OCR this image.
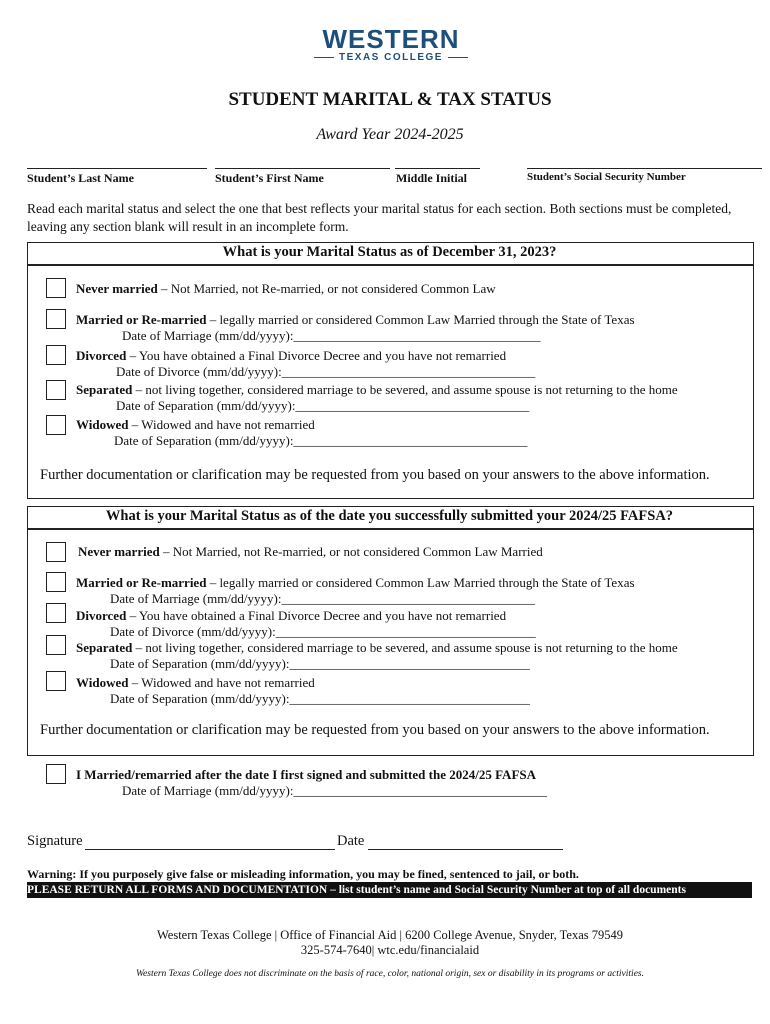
WESTERN
TEXAS COLLEGE
STUDENT MARITAL & TAX STATUS
Award Year 2024-2025
Student’s Last Name	Student’s First Name	Middle Initial	Student’s Social Security Number
Read each marital status and select the one that best reflects your marital status for each section. Both sections must be completed, leaving any section blank will result in an incomplete form.
What is your Marital Status as of December 31, 2023?
Never married – Not Married, not Re-married, or not considered Common Law
Married or Re-married – legally married or considered Common Law Married through the State of Texas
Date of Marriage (mm/dd/yyyy):______________________________________
Divorced – You have obtained a Final Divorce Decree and you have not remarried
Date of Divorce (mm/dd/yyyy):_______________________________________
Separated – not living together, considered marriage to be severed, and assume spouse is not returning to the home
Date of Separation (mm/dd/yyyy):____________________________________
Widowed – Widowed and have not remarried
Date of Separation (mm/dd/yyyy):____________________________________
Further documentation or clarification may be requested from you based on your answers to the above information.
What is your Marital Status as of the date you successfully submitted your 2024/25 FAFSA?
Never married – Not Married, not Re-married, or not considered Common Law Married
Married or Re-married – legally married or considered Common Law Married through the State of Texas
Date of Marriage (mm/dd/yyyy):_______________________________________
Divorced – You have obtained a Final Divorce Decree and you have not remarried
Date of Divorce (mm/dd/yyyy):________________________________________
Separated – not living together, considered marriage to be severed, and assume spouse is not returning to the home
Date of Separation (mm/dd/yyyy):_____________________________________
Widowed – Widowed and have not remarried
Date of Separation (mm/dd/yyyy):_____________________________________
Further documentation or clarification may be requested from you based on your answers to the above information.
I Married/remarried after the date I first signed and submitted the 2024/25 FAFSA
Date of Marriage (mm/dd/yyyy):_______________________________________
Signature	Date
Warning: If you purposely give false or misleading information, you may be fined, sentenced to jail, or both.
PLEASE RETURN ALL FORMS AND DOCUMENTATION – list student’s name and Social Security Number at top of all documents
Western Texas College | Office of Financial Aid | 6200 College Avenue, Snyder, Texas 79549
325-574-7640| wtc.edu/financialaid
Western Texas College does not discriminate on the basis of race, color, national origin, sex or disability in its programs or activities.
